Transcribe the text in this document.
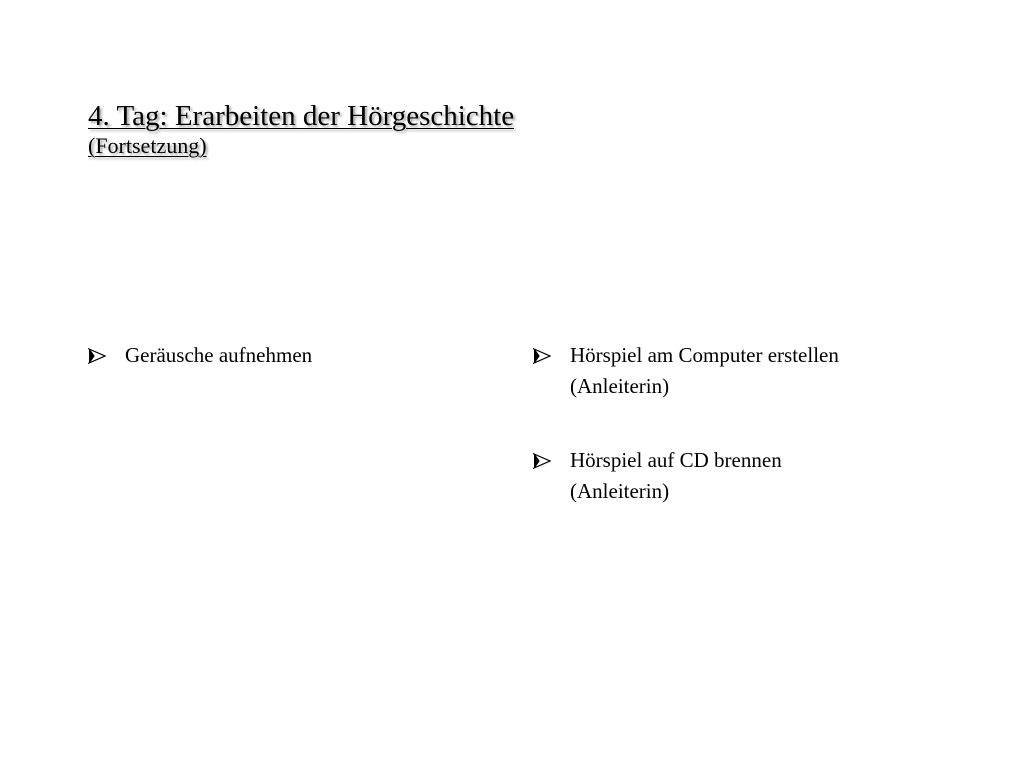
4. Tag: Erarbeiten der Hörgeschichte
(Fortsetzung)
Geräusche aufnehmen	Hörspiel am Computer erstellen
(Anleiterin)
Hörspiel auf CD brennen
(Anleiterin)
